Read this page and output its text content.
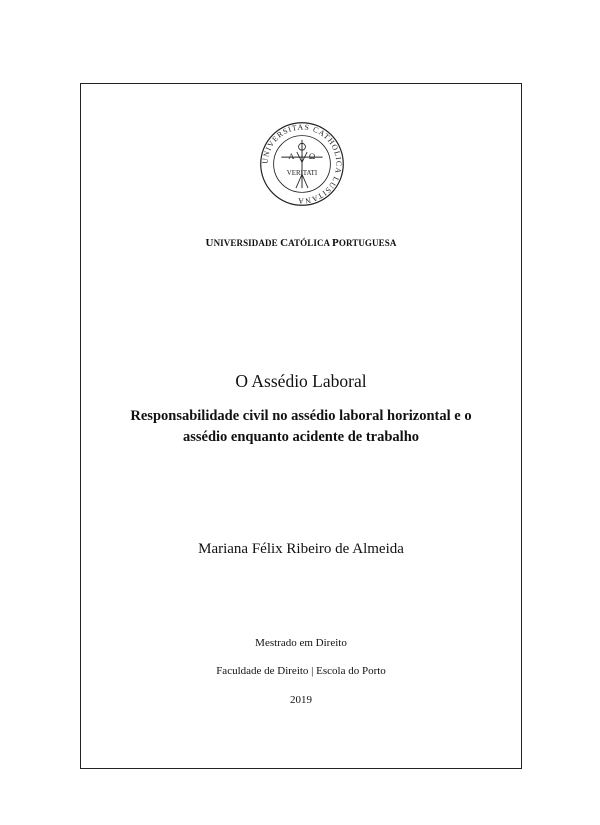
UNIVERSITAS CATHOLICA LUSITANA
Α Ω
VERITATI
UNIVERSIDADE CATÓLICA PORTUGUESA
O Assédio Laboral
Responsabilidade civil no assédio laboral horizontal e o
assédio enquanto acidente de trabalho
Mariana Félix Ribeiro de Almeida
Mestrado em Direito
Faculdade de Direito | Escola do Porto
2019
